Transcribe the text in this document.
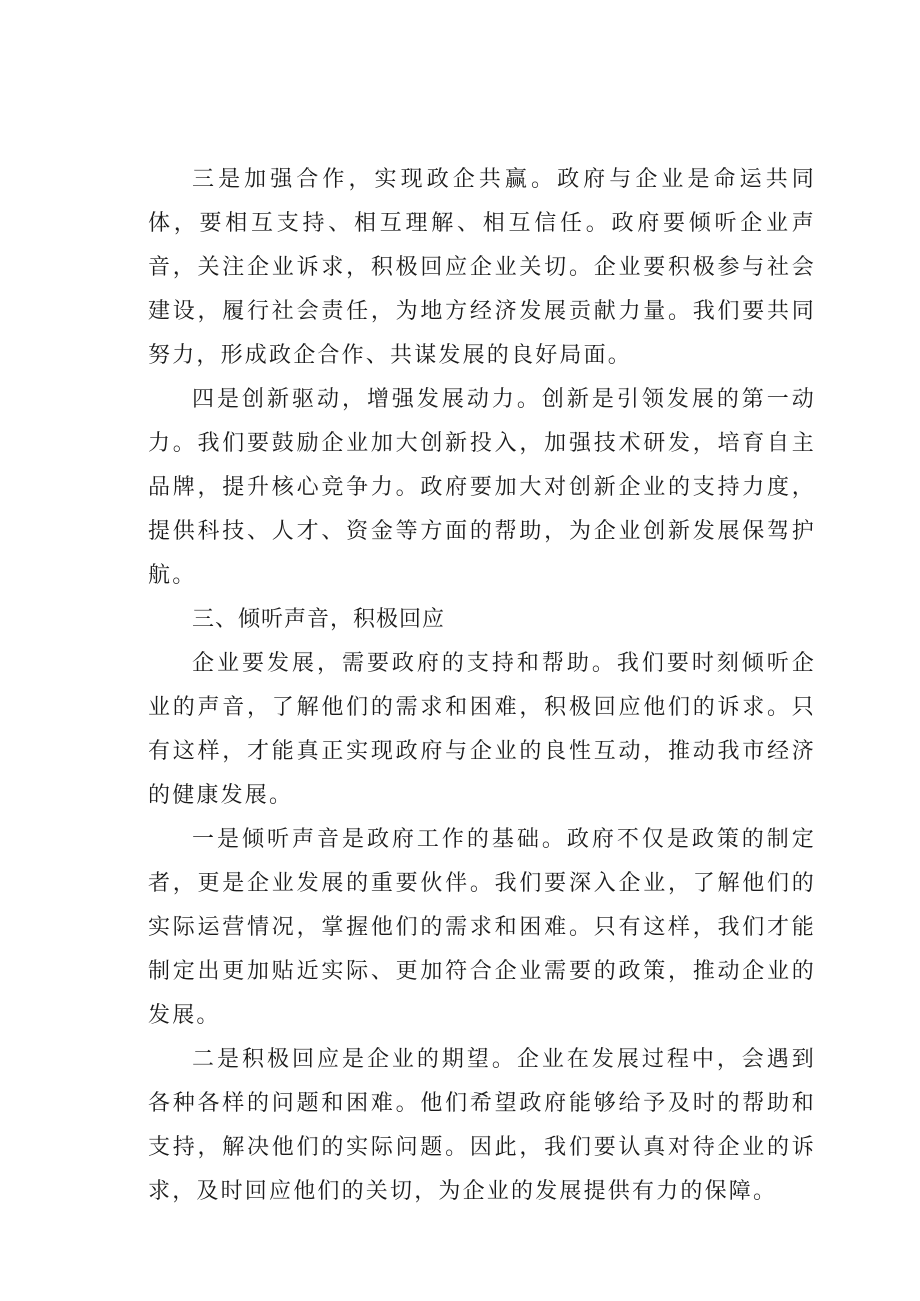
三是加强合作，实现政企共赢。政府与企业是命运共同体，要相互支持、相互理解、相互信任。政府要倾听企业声音，关注企业诉求，积极回应企业关切。企业要积极参与社会建设，履行社会责任，为地方经济发展贡献力量。我们要共同努力，形成政企合作、共谋发展的良好局面。

四是创新驱动，增强发展动力。创新是引领发展的第一动力。我们要鼓励企业加大创新投入，加强技术研发，培育自主品牌，提升核心竞争力。政府要加大对创新企业的支持力度，提供科技、人才、资金等方面的帮助，为企业创新发展保驾护航。

三、倾听声音，积极回应

企业要发展，需要政府的支持和帮助。我们要时刻倾听企业的声音，了解他们的需求和困难，积极回应他们的诉求。只有这样，才能真正实现政府与企业的良性互动，推动我市经济的健康发展。

一是倾听声音是政府工作的基础。政府不仅是政策的制定者，更是企业发展的重要伙伴。我们要深入企业，了解他们的实际运营情况，掌握他们的需求和困难。只有这样，我们才能制定出更加贴近实际、更加符合企业需要的政策，推动企业的发展。

二是积极回应是企业的期望。企业在发展过程中，会遇到各种各样的问题和困难。他们希望政府能够给予及时的帮助和支持，解决他们的实际问题。因此，我们要认真对待企业的诉求，及时回应他们的关切，为企业的发展提供有力的保障。
